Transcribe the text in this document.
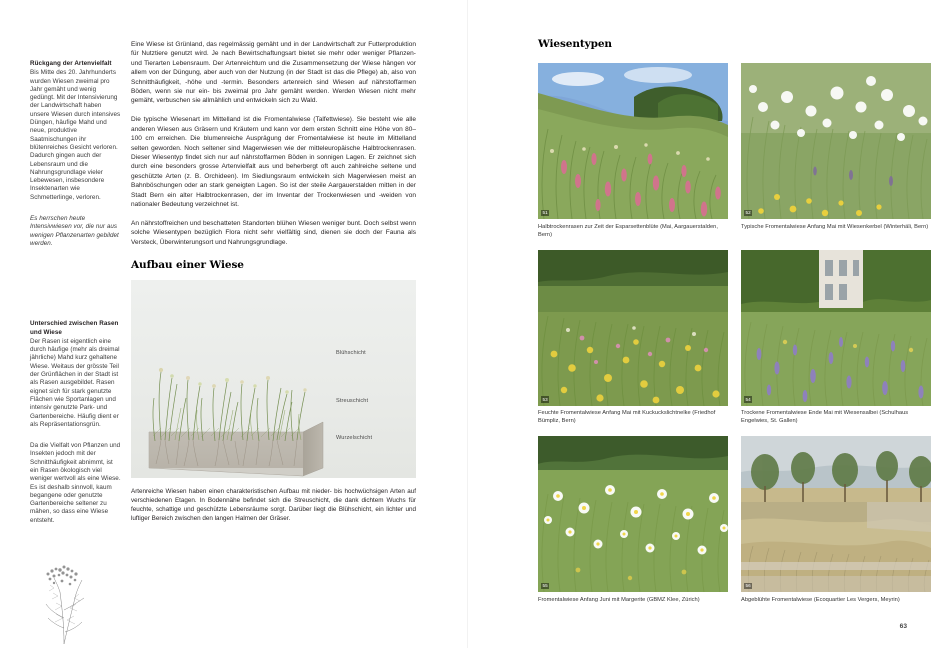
Rückgang der Artenvielfalt

Bis Mitte des 20. Jahrhunderts wurden Wiesen zweimal pro Jahr gemäht und wenig gedüngt. Mit der Intensivierung der Landwirtschaft haben unsere Wiesen durch intensives Düngen, häufige Mahd und neue, produktive Saatmischungen ihr blütenreiches Gesicht verloren. Dadurch gingen auch der Lebensraum und die Nahrungsgrundlage vieler Lebewesen, insbesondere Insektenarten wie Schmetterlinge, verloren.

Es herrschen heute Intensivwiesen vor, die nur aus wenigen Pflanzenarten gebildet werden.

Unterschied zwischen Rasen und Wiese

Der Rasen ist eigentlich eine durch häufige (mehr als dreimal jährliche) Mahd kurz gehaltene Wiese. Weitaus der grösste Teil der Grünflächen in der Stadt ist als Rasen ausgebildet. Rasen eignet sich für stark genutzte Flächen wie Sportanlagen und intensiv genutzte Park- und Gartenbereiche. Häufig dient er als Repräsentationsgrün.

Da die Vielfalt von Pflanzen und Insekten jedoch mit der Schnitthäufigkeit abnimmt, ist ein Rasen ökologisch viel weniger wertvoll als eine Wiese. Es ist deshalb sinnvoll, kaum begangene oder genutzte Gartenbereiche seltener zu mähen, so dass eine Wiese entsteht.

Eine Wiese ist Grünland, das regelmässig gemäht und in der Landwirtschaft zur Futterproduktion für Nutztiere genutzt wird. Je nach Bewirtschaftungsart bietet sie mehr oder weniger Pflanzen- und Tierarten Lebensraum. Der Artenreichtum und die Zusammensetzung der Wiese hängen vor allem von der Düngung, aber auch von der Nutzung (in der Stadt ist das die Pflege) ab, also von Schnitthäufigkeit, -höhe und -termin. Besonders artenreich sind Wiesen auf nährstoffarmen Böden, wenn sie nur ein- bis zweimal pro Jahr gemäht werden. Werden Wiesen nicht mehr gemäht, verbuschen sie allmählich und entwickeln sich zu Wald.

Die typische Wiesenart im Mittelland ist die Fromentalwiese (Talfettwiese). Sie besteht wie alle anderen Wiesen aus Gräsern und Kräutern und kann vor dem ersten Schnitt eine Höhe von 80–100 cm erreichen. Die blumenreiche Ausprägung der Fromentalwiese ist heute im Mittelland selten geworden. Noch seltener sind Magerwiesen wie der mitteleuropäische Halbtrockenrasen. Dieser Wiesentyp findet sich nur auf nährstoffarmen Böden in sonnigen Lagen. Er zeichnet sich durch eine besonders grosse Artenvielfalt aus und beherbergt oft auch zahlreiche seltene und geschützte Arten (z. B. Orchideen). Im Siedlungsraum entwickeln sich Magerwiesen meist an Bahnböschungen oder an stark geneigten Lagen. So ist der steile Aargauerstalden mitten in der Stadt Bern ein alter Halbtrockenrasen, der im Inventar der Trockenwiesen und -weiden von nationaler Bedeutung verzeichnet ist.

An nährstoffreichen und beschatteten Standorten blühen Wiesen weniger bunt. Doch selbst wenn solche Wiesentypen bezüglich Flora nicht sehr vielfältig sind, dienen sie doch der Fauna als Versteck, Überwinterungsort und Nahrungsgrundlage.

Aufbau einer Wiese
Blühschicht
Streuschicht
Wurzelschicht

Artenreiche Wiesen haben einen charakteristischen Aufbau mit nieder- bis hochwüchsigen Arten auf verschiedenen Etagen. In Bodennähe befindet sich die Streuschicht, die dank dichtem Wuchs für feuchte, schattige und geschützte Lebensräume sorgt. Darüber liegt die Blühschicht, ein lichter und luftiger Bereich zwischen den langen Halmen der Gräser.

Wiesentypen
51

Halbtrockenrasen zur Zeit der Esparsettenblüte (Mai, Aargauerstalden, Bern)

52

Typische Fromentalwiese Anfang Mai mit Wiesenkerbel (Winterhäli, Bern)

53

Feuchte Fromentalwiese Anfang Mai mit Kuckuckslichtnelke (Friedhof Bümpliz, Bern)

54

Trockene Fromentalwiese Ende Mai mit Wiesensalbei (Schulhaus Engelwies, St. Gallen)

55

Fromentalwiese Anfang Juni mit Margerite (GBMZ Klee, Zürich)

56

Abgeblühte Fromentalwiese (Ecoquartier Les Vergers, Meyrin)

63
